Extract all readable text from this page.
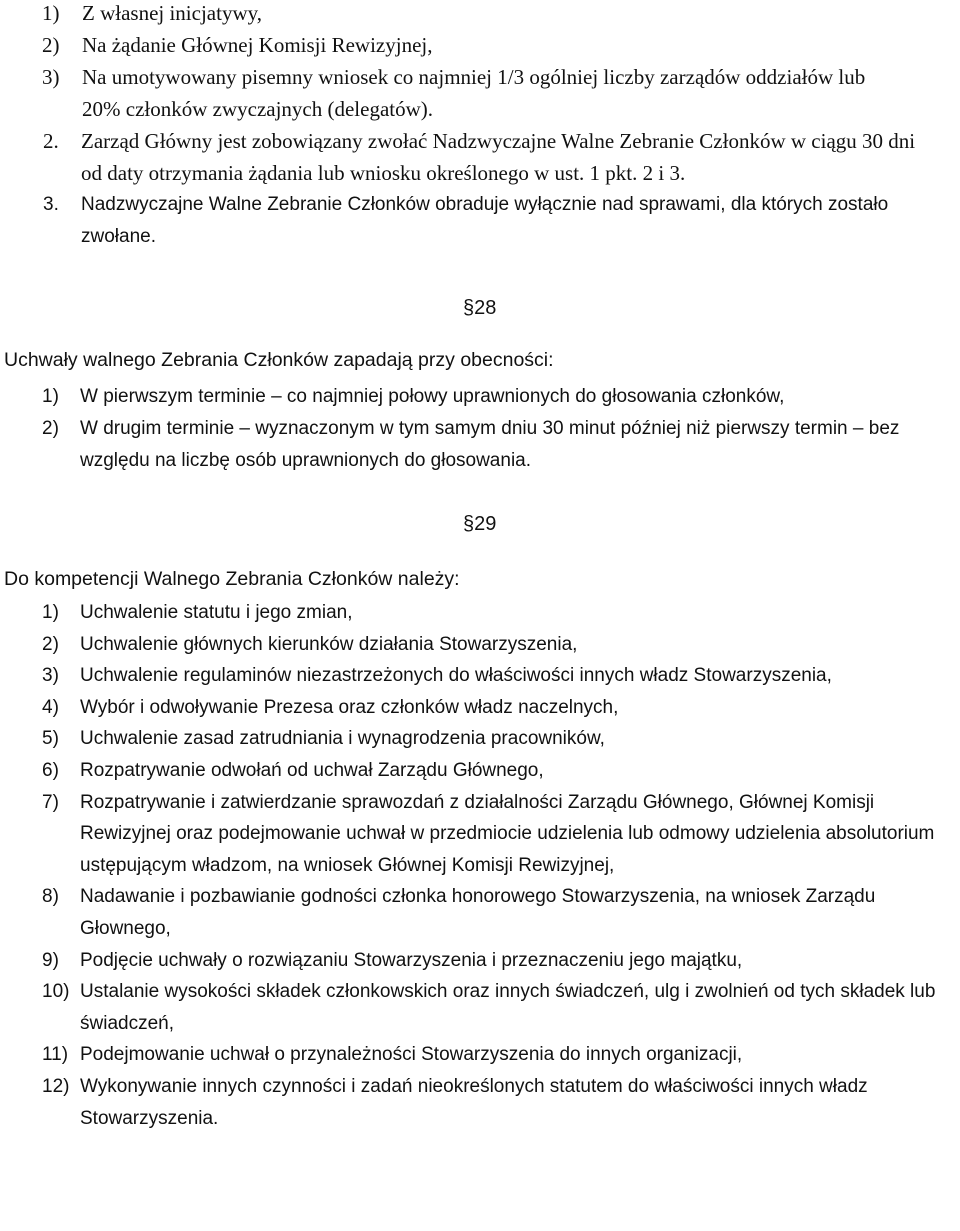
1)	Z własnej inicjatywy,
2)	Na żądanie Głównej Komisji Rewizyjnej,
3)	Na umotywowany pisemny wniosek co najmniej 1/3 ogólniej liczby zarządów oddziałów lub 20% członków zwyczajnych (delegatów).
2.	Zarząd Główny jest zobowiązany zwołać Nadzwyczajne Walne Zebranie Członków w ciągu 30 dni od daty otrzymania żądania lub wniosku określonego w ust. 1 pkt. 2 i 3.
3.	Nadzwyczajne Walne Zebranie Członków obraduje wyłącznie nad sprawami, dla których zostało zwołane.
§28
Uchwały walnego Zebrania Członków zapadają przy obecności:
1)	W pierwszym terminie – co najmniej połowy uprawnionych do głosowania członków,
2)	W drugim terminie – wyznaczonym w tym samym dniu 30 minut później niż pierwszy termin – bez względu na liczbę osób uprawnionych do głosowania.
§29
Do kompetencji Walnego Zebrania Członków należy:
1)	Uchwalenie statutu i jego zmian,
2)	Uchwalenie głównych kierunków działania Stowarzyszenia,
3)	Uchwalenie regulaminów niezastrzeżonych do właściwości innych władz Stowarzyszenia,
4)	Wybór i odwoływanie Prezesa oraz członków władz naczelnych,
5)	Uchwalenie zasad zatrudniania i wynagrodzenia pracowników,
6)	Rozpatrywanie odwołań od uchwał Zarządu Głównego,
7)	Rozpatrywanie i zatwierdzanie sprawozdań z działalności Zarządu Głównego, Głównej Komisji Rewizyjnej oraz podejmowanie uchwał w przedmiocie udzielenia lub odmowy udzielenia absolutorium ustępującym władzom, na wniosek Głównej Komisji Rewizyjnej,
8)	Nadawanie i pozbawianie godności członka honorowego Stowarzyszenia, na wniosek Zarządu Głownego,
9)	Podjęcie uchwały o rozwiązaniu Stowarzyszenia i przeznaczeniu jego majątku,
10) Ustalanie wysokości składek członkowskich oraz innych świadczeń, ulg i zwolnień od tych składek lub świadczeń,
11) Podejmowanie uchwał o przynależności Stowarzyszenia do innych organizacji,
12) Wykonywanie innych czynności i zadań nieokreślonych statutem do właściwości innych władz Stowarzyszenia.
